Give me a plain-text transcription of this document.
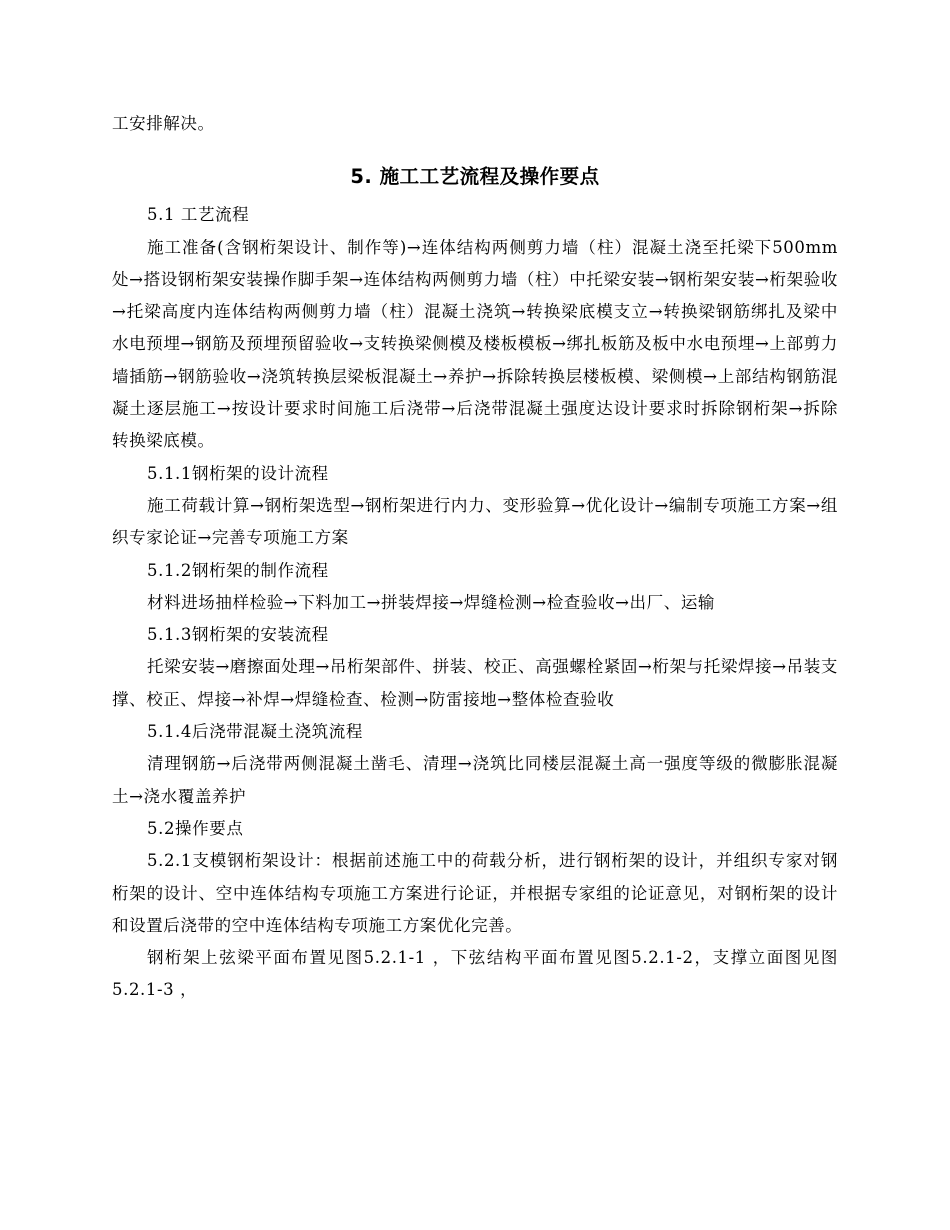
工安排解决。

5. 施工工艺流程及操作要点

5.1 工艺流程

施工准备(含钢桁架设计、制作等)→连体结构两侧剪力墙（柱）混凝土浇至托梁下500mm处→搭设钢桁架安装操作脚手架→连体结构两侧剪力墙（柱）中托梁安装→钢桁架安装→桁架验收→托梁高度内连体结构两侧剪力墙（柱）混凝土浇筑→转换梁底模支立→转换梁钢筋绑扎及梁中水电预埋→钢筋及预埋预留验收→支转换梁侧模及楼板模板→绑扎板筋及板中水电预埋→上部剪力墙插筋→钢筋验收→浇筑转换层梁板混凝土→养护→拆除转换层楼板模、梁侧模→上部结构钢筋混凝土逐层施工→按设计要求时间施工后浇带→后浇带混凝土强度达设计要求时拆除钢桁架→拆除转换梁底模。

5.1.1钢桁架的设计流程

施工荷载计算→钢桁架选型→钢桁架进行内力、变形验算→优化设计→编制专项施工方案→组织专家论证→完善专项施工方案

5.1.2钢桁架的制作流程

材料进场抽样检验→下料加工→拼装焊接→焊缝检测→检查验收→出厂、运输

5.1.3钢桁架的安装流程

托梁安装→磨擦面处理→吊桁架部件、拼装、校正、高强螺栓紧固→桁架与托梁焊接→吊装支撑、校正、焊接→补焊→焊缝检查、检测→防雷接地→整体检查验收

5.1.4后浇带混凝土浇筑流程

清理钢筋→后浇带两侧混凝土凿毛、清理→浇筑比同楼层混凝土高一强度等级的微膨胀混凝土→浇水覆盖养护

5.2操作要点

5.2.1支模钢桁架设计：根据前述施工中的荷载分析，进行钢桁架的设计，并组织专家对钢桁架的设计、空中连体结构专项施工方案进行论证，并根据专家组的论证意见，对钢桁架的设计和设置后浇带的空中连体结构专项施工方案优化完善。

钢桁架上弦梁平面布置见图5.2.1-1 ，下弦结构平面布置见图5.2.1-2，支撑立面图见图5.2.1-3 ，
